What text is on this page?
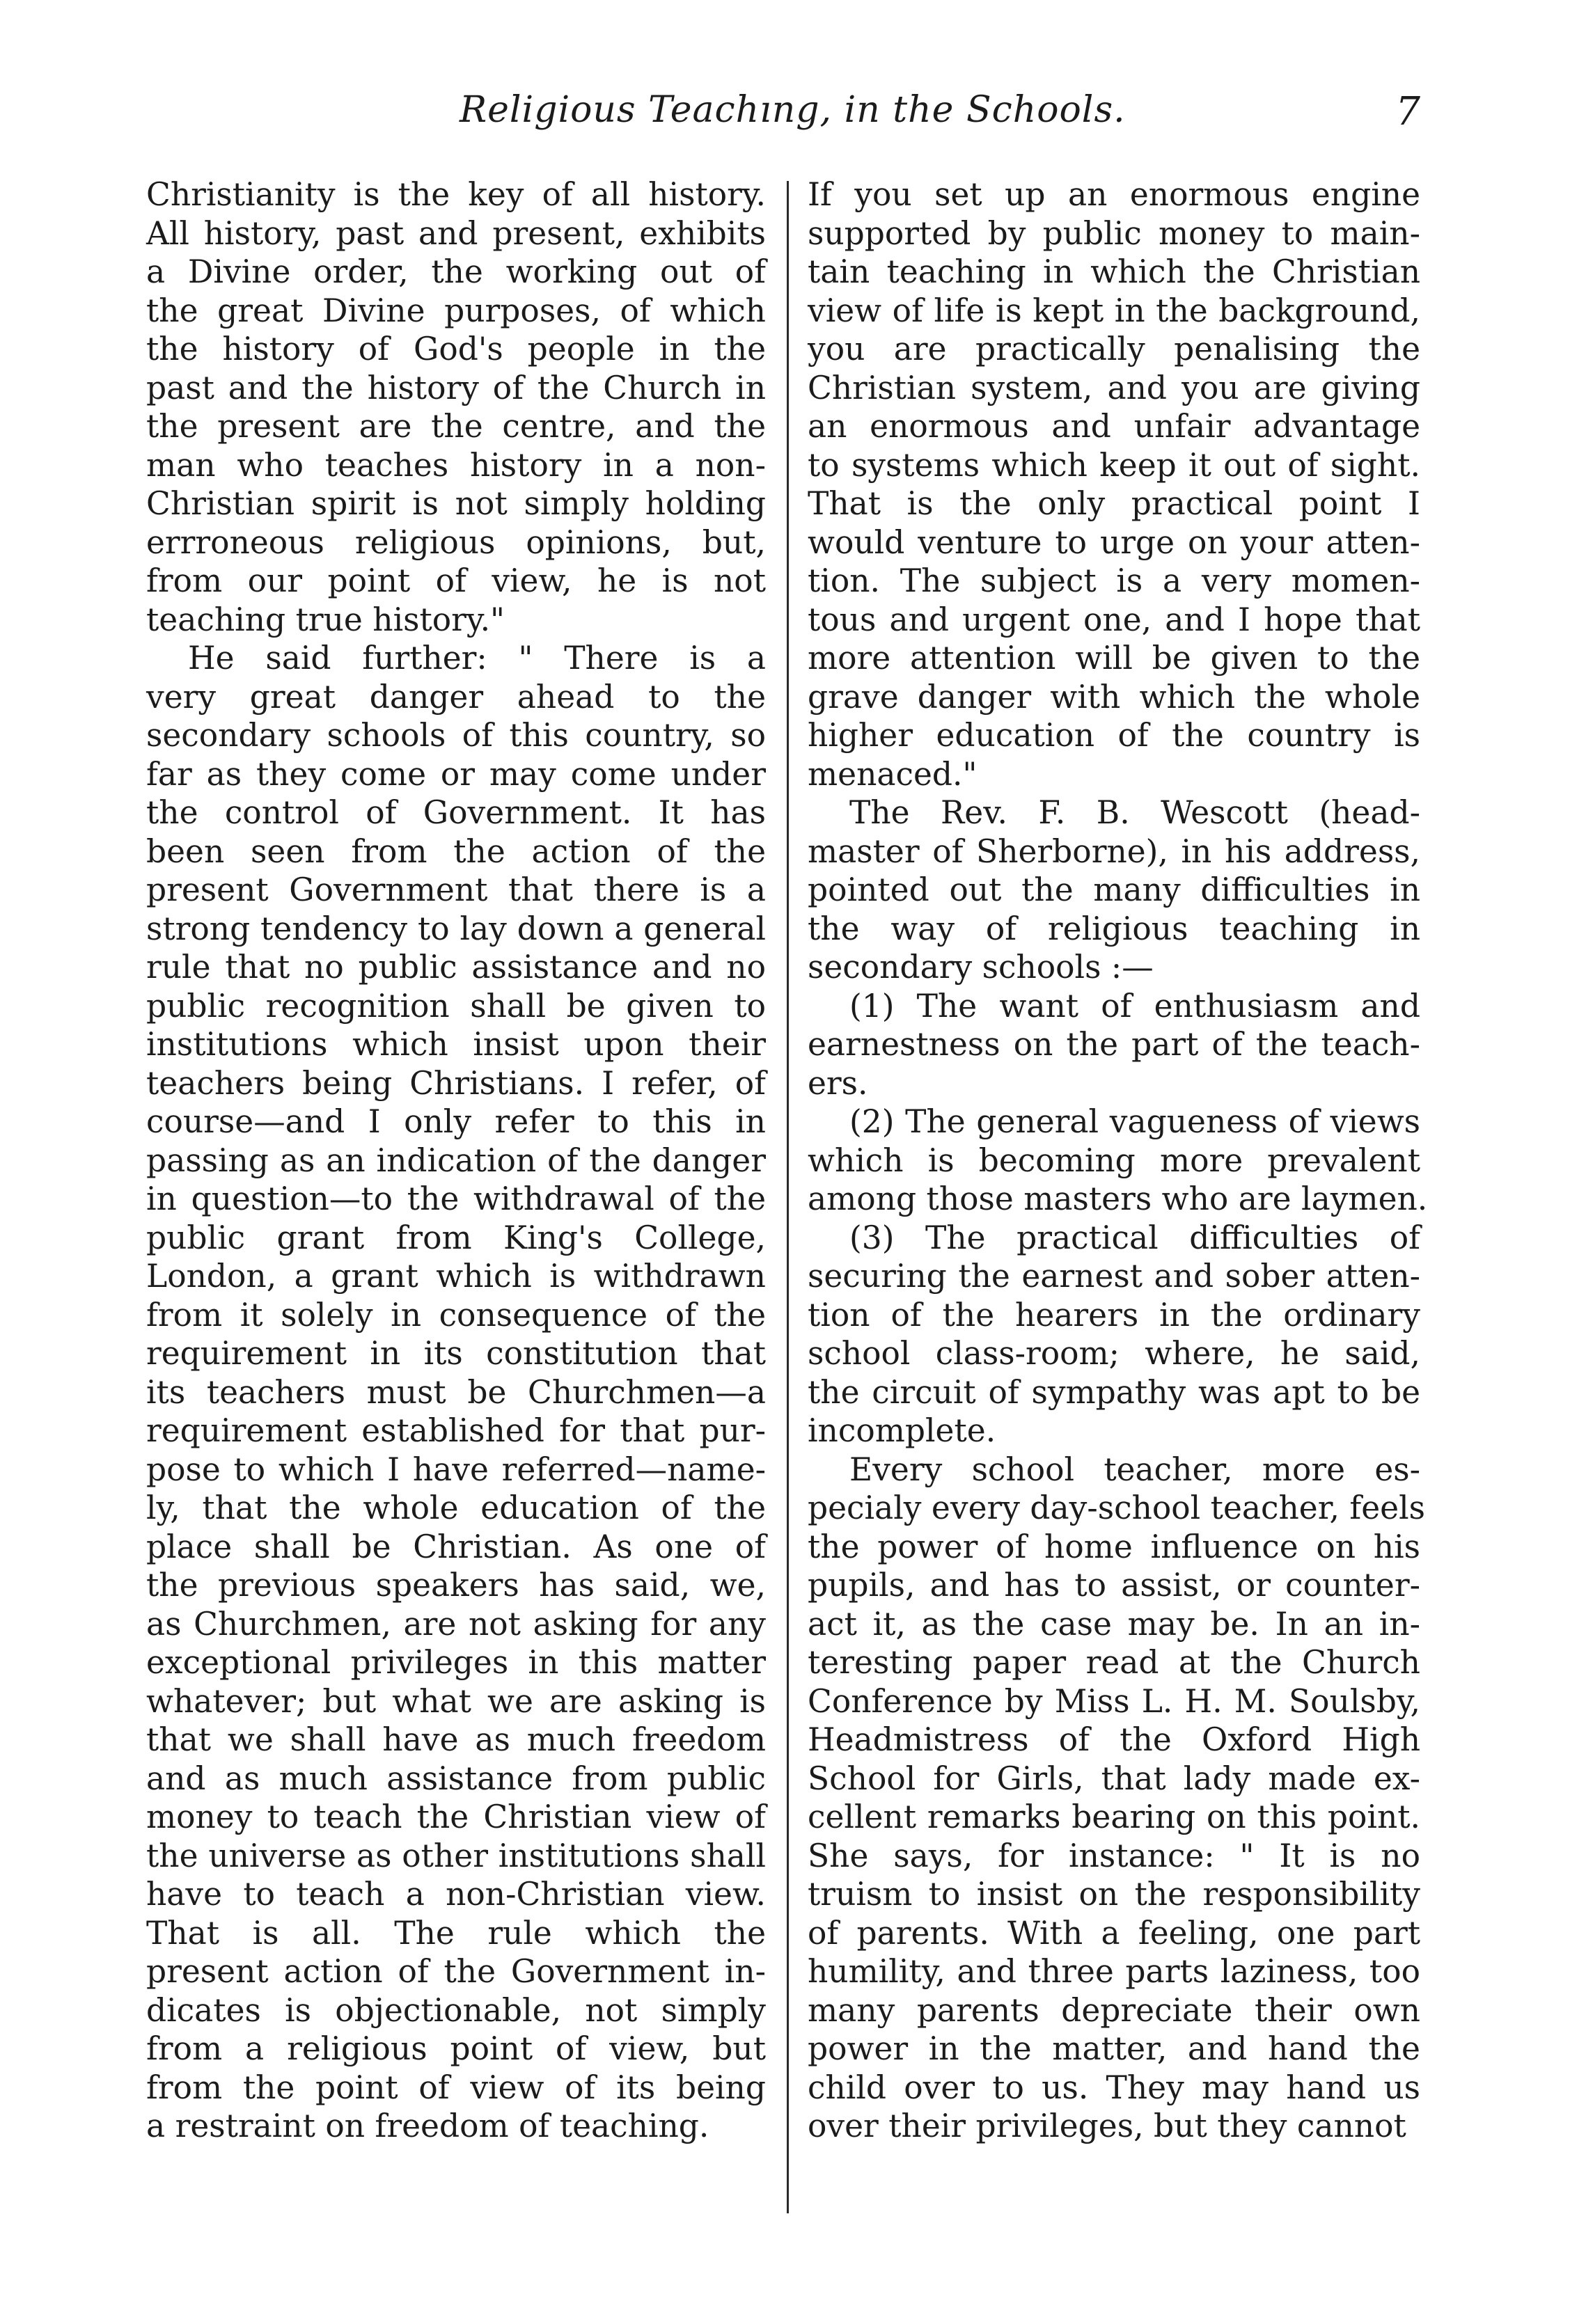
Religious Teachıng, in the Schools.	7
Christianity is the key of all history.
All history, past and present, exhibits
a Divine order, the working out of
the great Divine purposes, of which
the history of God's people in the
past and the history of the Church in
the present are the centre, and the
man who teaches history in a non-
Christian spirit is not simply holding
errroneous religious opinions, but,
from our point of view, he is not
teaching true history."
He said further: " There is a
very great danger ahead to the
secondary schools of this country, so
far as they come or may come under
the control of Government. It has
been seen from the action of the
present Government that there is a
strong tendency to lay down a general
rule that no public assistance and no
public recognition shall be given to
institutions which insist upon their
teachers being Christians. I refer, of
course—and I only refer to this in
passing as an indication of the danger
in question—to the withdrawal of the
public grant from King's College,
London, a grant which is withdrawn
from it solely in consequence of the
requirement in its constitution that
its teachers must be Churchmen—a
requirement established for that pur-
pose to which I have referred—name-
ly, that the whole education of the
place shall be Christian. As one of
the previous speakers has said, we,
as Churchmen, are not asking for any
exceptional privileges in this matter
whatever; but what we are asking is
that we shall have as much freedom
and as much assistance from public
money to teach the Christian view of
the universe as other institutions shall
have to teach a non-Christian view.
That is all. The rule which the
present action of the Government in-
dicates is objectionable, not simply
from a religious point of view, but
from the point of view of its being
a restraint on freedom of teaching.
If you set up an enormous engine
supported by public money to main-
tain teaching in which the Christian
view of life is kept in the background,
you are practically penalising the
Christian system, and you are giving
an enormous and unfair advantage
to systems which keep it out of sight.
That is the only practical point I
would venture to urge on your atten-
tion. The subject is a very momen-
tous and urgent one, and I hope that
more attention will be given to the
grave danger with which the whole
higher education of the country is
menaced."
The Rev. F. B. Wescott (head-
master of Sherborne), in his address,
pointed out the many difficulties in
the way of religious teaching in
secondary schools :—
(1) The want of enthusiasm and
earnestness on the part of the teach-
ers.
(2) The general vagueness of views
which is becoming more prevalent
among those masters who are laymen.
(3) The practical difficulties of
securing the earnest and sober atten-
tion of the hearers in the ordinary
school class-room; where, he said,
the circuit of sympathy was apt to be
incomplete.
Every school teacher, more es-
pecialy every day-school teacher, feels
the power of home influence on his
pupils, and has to assist, or counter-
act it, as the case may be. In an in-
teresting paper read at the Church
Conference by Miss L. H. M. Soulsby,
Headmistress of the Oxford High
School for Girls, that lady made ex-
cellent remarks bearing on this point.
She says, for instance: " It is no
truism to insist on the responsibility
of parents. With a feeling, one part
humility, and three parts laziness, too
many parents depreciate their own
power in the matter, and hand the
child over to us. They may hand us
over their privileges, but they cannot
